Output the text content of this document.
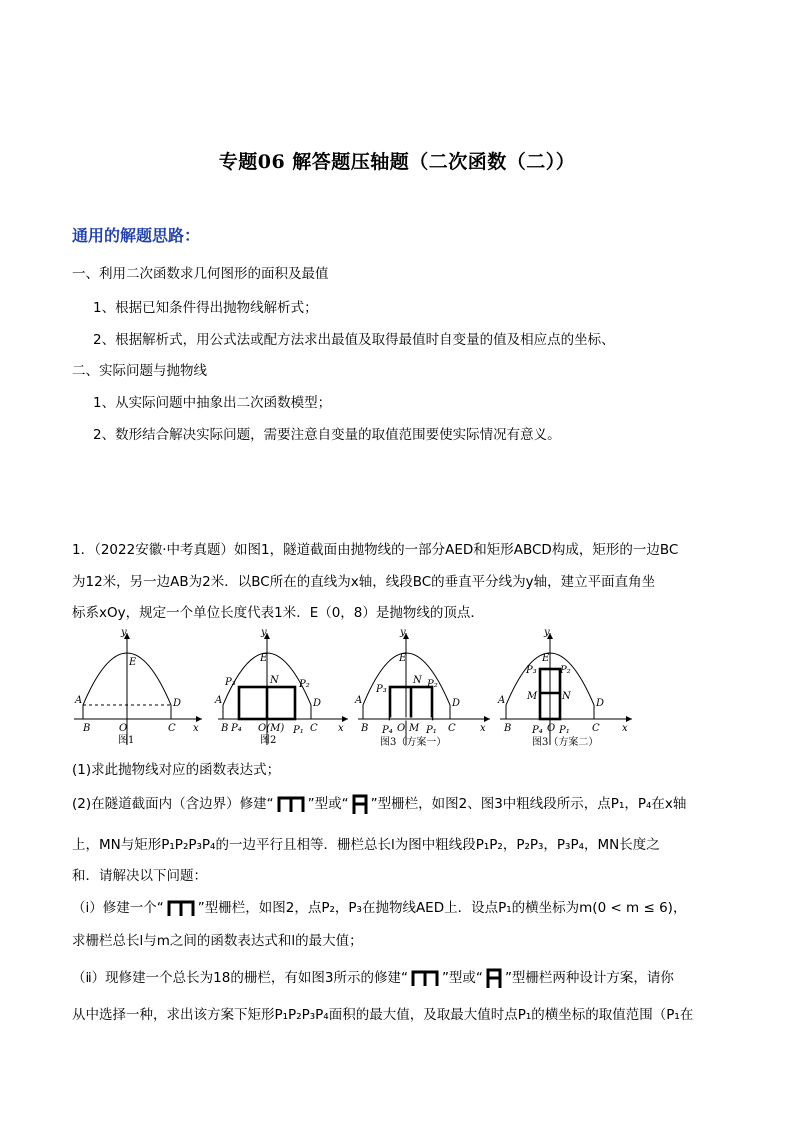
专题06 解答题压轴题（二次函数（二））
通用的解题思路：
一、利用二次函数求几何图形的面积及最值
1、根据已知条件得出抛物线解析式；
2、根据解析式，用公式法或配方法求出最值及取得最值时自变量的值及相应点的坐标、
二、实际问题与抛物线
1、从实际问题中抽象出二次函数模型；
2、数形结合解决实际问题，需要注意自变量的取值范围要使实际情况有意义。
1．（2022安徽·中考真题）如图1，隧道截面由抛物线的一部分AED和矩形ABCD构成，矩形的一边BC
为12米，另一边AB为2米．以BC所在的直线为x轴，线段BC的垂直平分线为y轴，建立平面直角坐
标系xOy，规定一个单位长度代表1米．E（0，8）是抛物线的顶点．
y
E
A	D
B	O	C x
图1
y
E
P₃	N P₂
A	D
B P₄ O(M) P₁ C x
图2
y
E
P₃
N P₂
A	D
B P₄ O M P₁ C x
图3（方案一）
y
E
P₃ P₂
M N
A	D
B P₄ O P₁ C x
图3（方案二）
(1)求此抛物线对应的函数表达式；
(2)在隧道截面内（含边界）修建“	”型或“ ”型栅栏，如图2、图3中粗线段所示，点P₁，P₄在x轴
上，MN与矩形P₁P₂P₃P₄的一边平行且相等．栅栏总长l为图中粗线段P₁P₂，P₂P₃，P₃P₄，MN长度之
和．请解决以下问题：
（ⅰ）修建一个“	”型栅栏，如图2，点P₂，P₃在抛物线AED上．设点P₁的横坐标为m(0 < m ≤ 6)，
求栅栏总长l与m之间的函数表达式和l的最大值；
（ⅱ）现修建一个总长为18的栅栏，有如图3所示的修建“	”型或“ ”型栅栏两种设计方案，请你
从中选择一种，求出该方案下矩形P₁P₂P₃P₄面积的最大值，及取最大值时点P₁的横坐标的取值范围（P₁在
